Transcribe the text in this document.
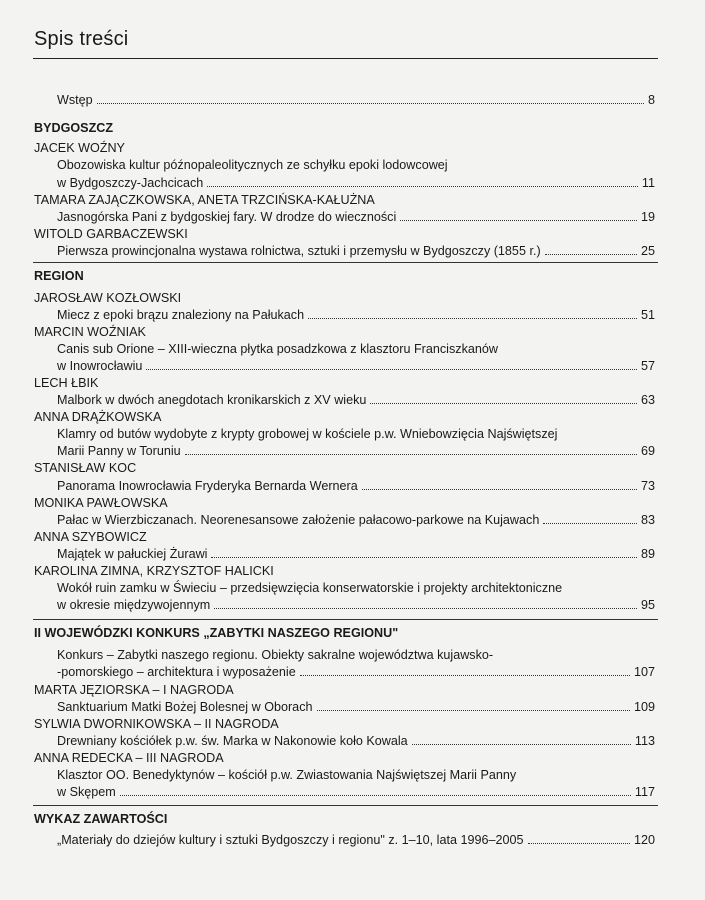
Spis treści
Wstęp	8
BYDGOSZCZ
JACEK WOŹNY
Obozowiska kultur późnopaleolitycznych ze schyłku epoki lodowcowej
w Bydgoszczy-Jachcicach	11
TAMARA ZAJĄCZKOWSKA, ANETA TRZCIŃSKA-KAŁUŻNA
Jasnogórska Pani z bydgoskiej fary. W drodze do wieczności	19
WITOLD GARBACZEWSKI
Pierwsza prowincjonalna wystawa rolnictwa, sztuki i przemysłu w Bydgoszczy (1855 r.)	25
REGION
JAROSŁAW KOZŁOWSKI
Miecz z epoki brązu znaleziony na Pałukach	51
MARCIN WOŹNIAK
Canis sub Orione – XIII-wieczna płytka posadzkowa z klasztoru Franciszkanów
w Inowrocławiu	57
LECH ŁBIK
Malbork w dwóch anegdotach kronikarskich z XV wieku	63
ANNA DRĄŻKOWSKA
Klamry od butów wydobyte z krypty grobowej w kościele p.w. Wniebowzięcia Najświętszej
Marii Panny w Toruniu	69
STANISŁAW KOC
Panorama Inowrocławia Fryderyka Bernarda Wernera	73
MONIKA PAWŁOWSKA
Pałac w Wierzbiczanach. Neorenesansowe założenie pałacowo-parkowe na Kujawach	83
ANNA SZYBOWICZ
Majątek w pałuckiej Żurawi	89
KAROLINA ZIMNA, KRZYSZTOF HALICKI
Wokół ruin zamku w Świeciu – przedsięwzięcia konserwatorskie i projekty architektoniczne
w okresie międzywojennym	95
II WOJEWÓDZKI KONKURS „ZABYTKI NASZEGO REGIONU"
Konkurs – Zabytki naszego regionu. Obiekty sakralne województwa kujawsko-
-pomorskiego – architektura i wyposażenie	107
MARTA JĘZIORSKA – I NAGRODA
Sanktuarium Matki Bożej Bolesnej w Oborach	109
SYLWIA DWORNIKOWSKA – II NAGRODA
Drewniany kościółek p.w. św. Marka w Nakonowie koło Kowala	113
ANNA REDECKA – III NAGRODA
Klasztor OO. Benedyktynów – kościół p.w. Zwiastowania Najświętszej Marii Panny
w Skępem	117
WYKAZ ZAWARTOŚCI
„Materiały do dziejów kultury i sztuki Bydgoszczy i regionu" z. 1–10, lata 1996–2005	120
